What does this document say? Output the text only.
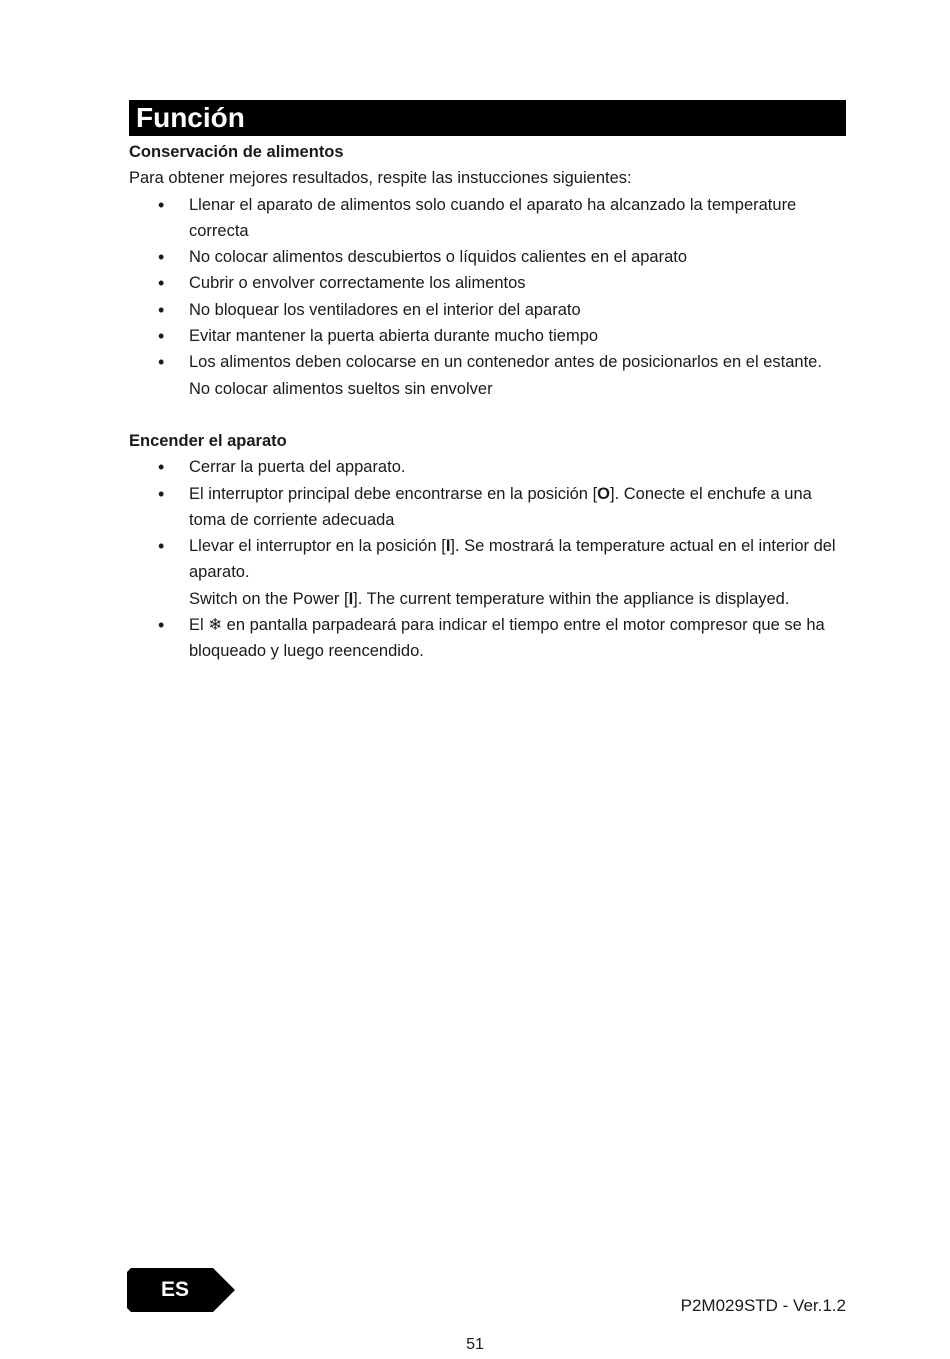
Función

Conservación de alimentos

Para obtener mejores resultados, respite las instucciones siguientes:

• Llenar el aparato de alimentos solo cuando el aparato ha alcanzado la temperature correcta
• No colocar alimentos descubiertos o líquidos calientes en el aparato
• Cubrir o envolver correctamente los alimentos
• No bloquear los ventiladores en el interior del aparato
• Evitar mantener la puerta abierta durante mucho tiempo
• Los alimentos deben colocarse en un contenedor antes de posicionarlos en el estante. No colocar alimentos sueltos sin envolver

Encender el aparato

• Cerrar la puerta del apparato.
• El interruptor principal debe encontrarse en la posición [O]. Conecte el enchufe a una toma de corriente adecuada
• Llevar el interruptor en la posición [I]. Se mostrará la temperature actual en el interior del aparato.
Switch on the Power [I]. The current temperature within the appliance is displayed.
• El ❄ en pantalla parpadeará para indicar el tiempo entre el motor compresor que se ha bloqueado y luego reencendido.
ES
P2M029STD - Ver.1.2
51
